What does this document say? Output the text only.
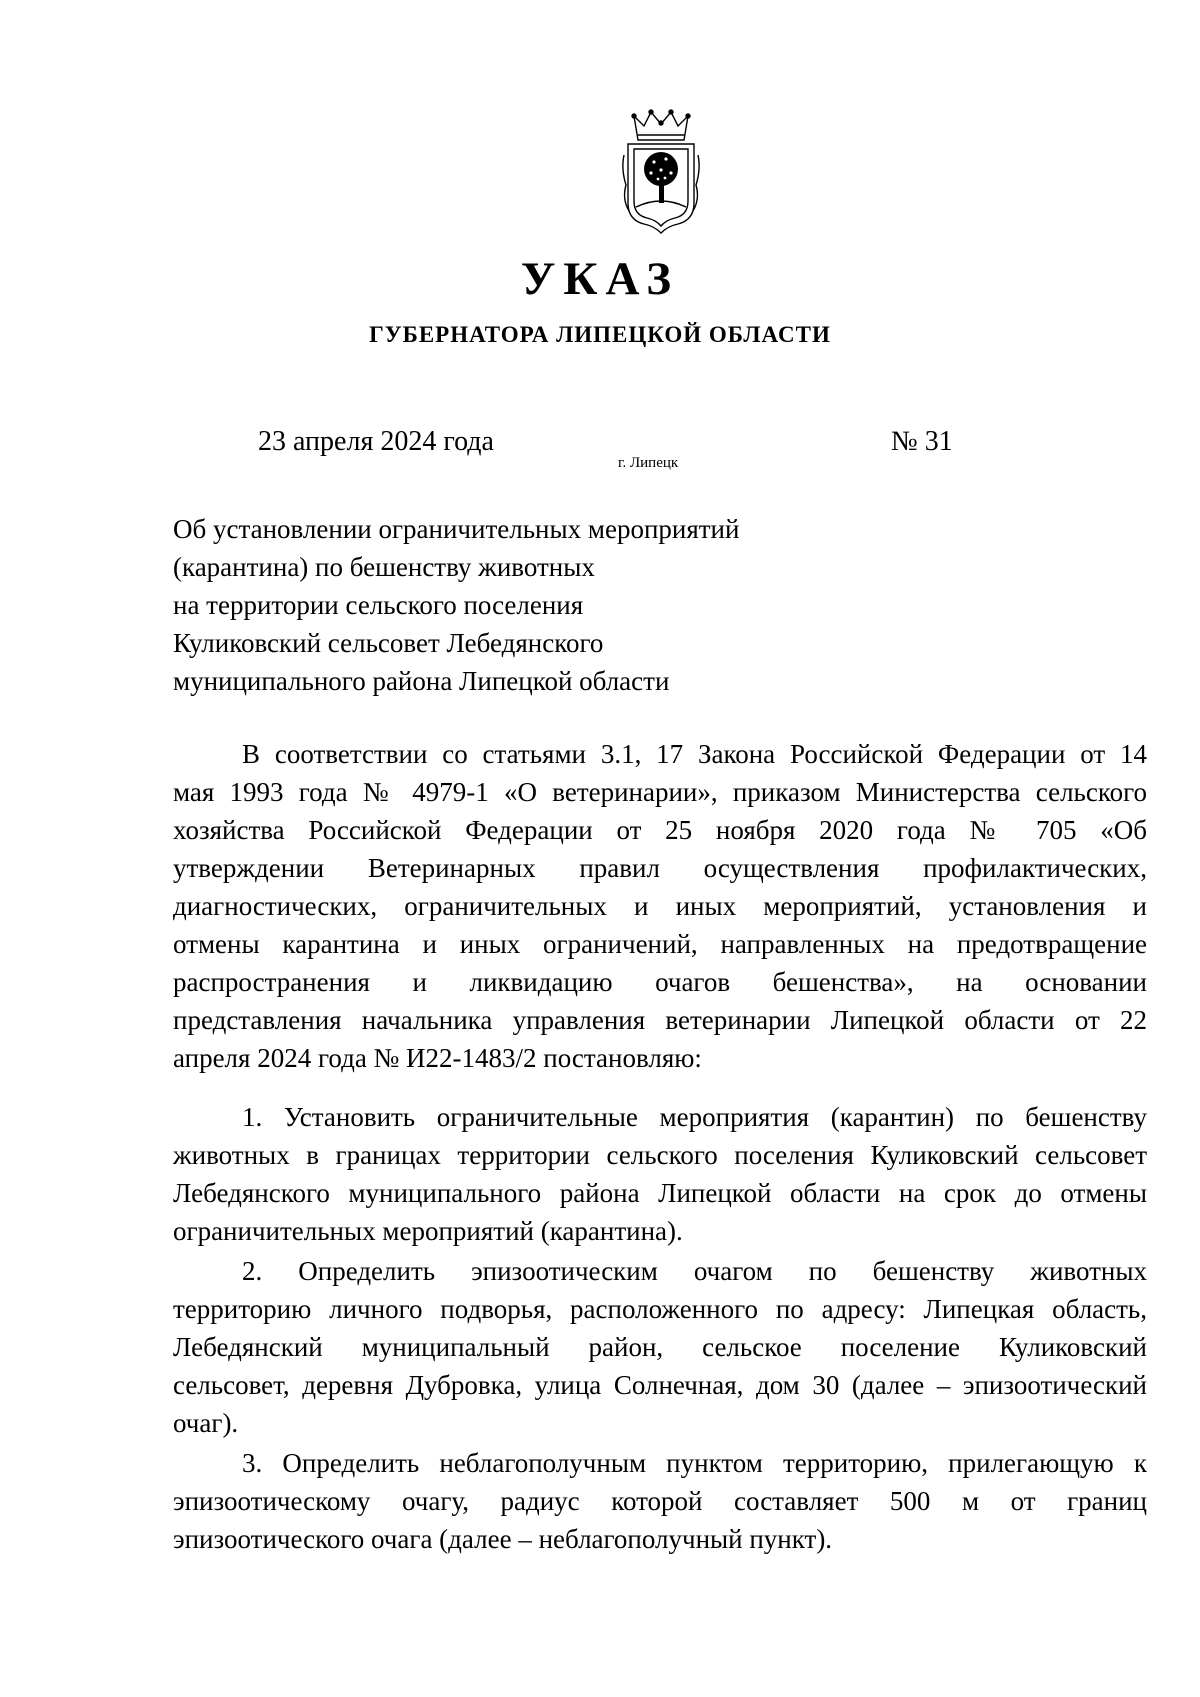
УКАЗ
ГУБЕРНАТОРА ЛИПЕЦКОЙ ОБЛАСТИ
23 апреля 2024 года
г. Липецк
№ 31
Об установлении ограничительных мероприятий
(карантина) по бешенству животных
на территории сельского поселения
Куликовский сельсовет Лебедянского
муниципального района Липецкой области
В соответствии со статьями 3.1, 17 Закона Российской Федерации от 14
мая 1993 года № 4979-1 «О ветеринарии», приказом Министерства сельского
хозяйства Российской Федерации от 25 ноября 2020 года № 705 «Об
утверждении Ветеринарных правил осуществления профилактических,
диагностических, ограничительных и иных мероприятий, установления и
отмены карантина и иных ограничений, направленных на предотвращение
распространения и ликвидацию очагов бешенства», на основании
представления начальника управления ветеринарии Липецкой области от 22
апреля 2024 года № И22-1483/2 постановляю:
1. Установить ограничительные мероприятия (карантин) по бешенству
животных в границах территории сельского поселения Куликовский сельсовет
Лебедянского муниципального района Липецкой области на срок до отмены
ограничительных мероприятий (карантина).
2. Определить эпизоотическим очагом по бешенству животных
территорию личного подворья, расположенного по адресу: Липецкая область,
Лебедянский муниципальный район, сельское поселение Куликовский
сельсовет, деревня Дубровка, улица Солнечная, дом 30 (далее – эпизоотический
очаг).
3. Определить неблагополучным пунктом территорию, прилегающую к
эпизоотическому очагу, радиус которой составляет 500 м от границ
эпизоотического очага (далее – неблагополучный пункт).
